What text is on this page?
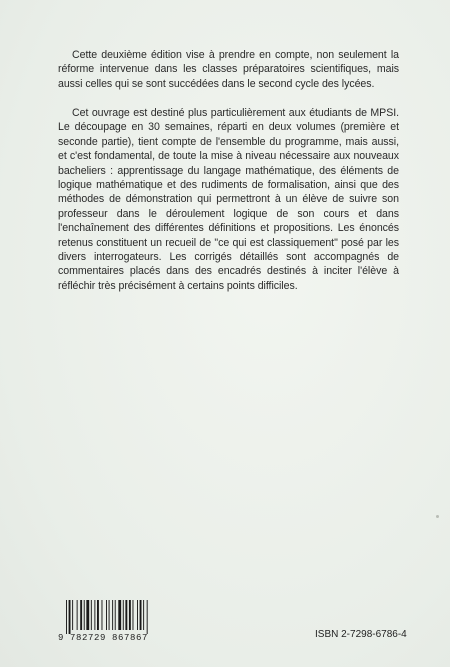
Cette deuxième édition vise à prendre en compte, non seulement la réforme intervenue dans les classes préparatoires scientifiques, mais aussi celles qui se sont succédées dans le second cycle des lycées.

Cet ouvrage est destiné plus particulièrement aux étudiants de MPSI. Le découpage en 30 semaines, réparti en deux volumes (première et seconde partie), tient compte de l'ensemble du programme, mais aussi, et c'est fondamental, de toute la mise à niveau nécessaire aux nouveaux bacheliers : apprentissage du langage mathématique, des éléments de logique mathématique et des rudiments de formalisation, ainsi que des méthodes de démonstration qui permettront à un élève de suivre son professeur dans le déroulement logique de son cours et dans l'enchaînement des différentes définitions et propositions. Les énoncés retenus constituent un recueil de "ce qui est classiquement" posé par les divers interrogateurs. Les corrigés détaillés sont accompagnés de commentaires placés dans des encadrés destinés à inciter l'élève à réfléchir très précisément à certains points difficiles.

9 782729 867867	ISBN 2-7298-6786-4
